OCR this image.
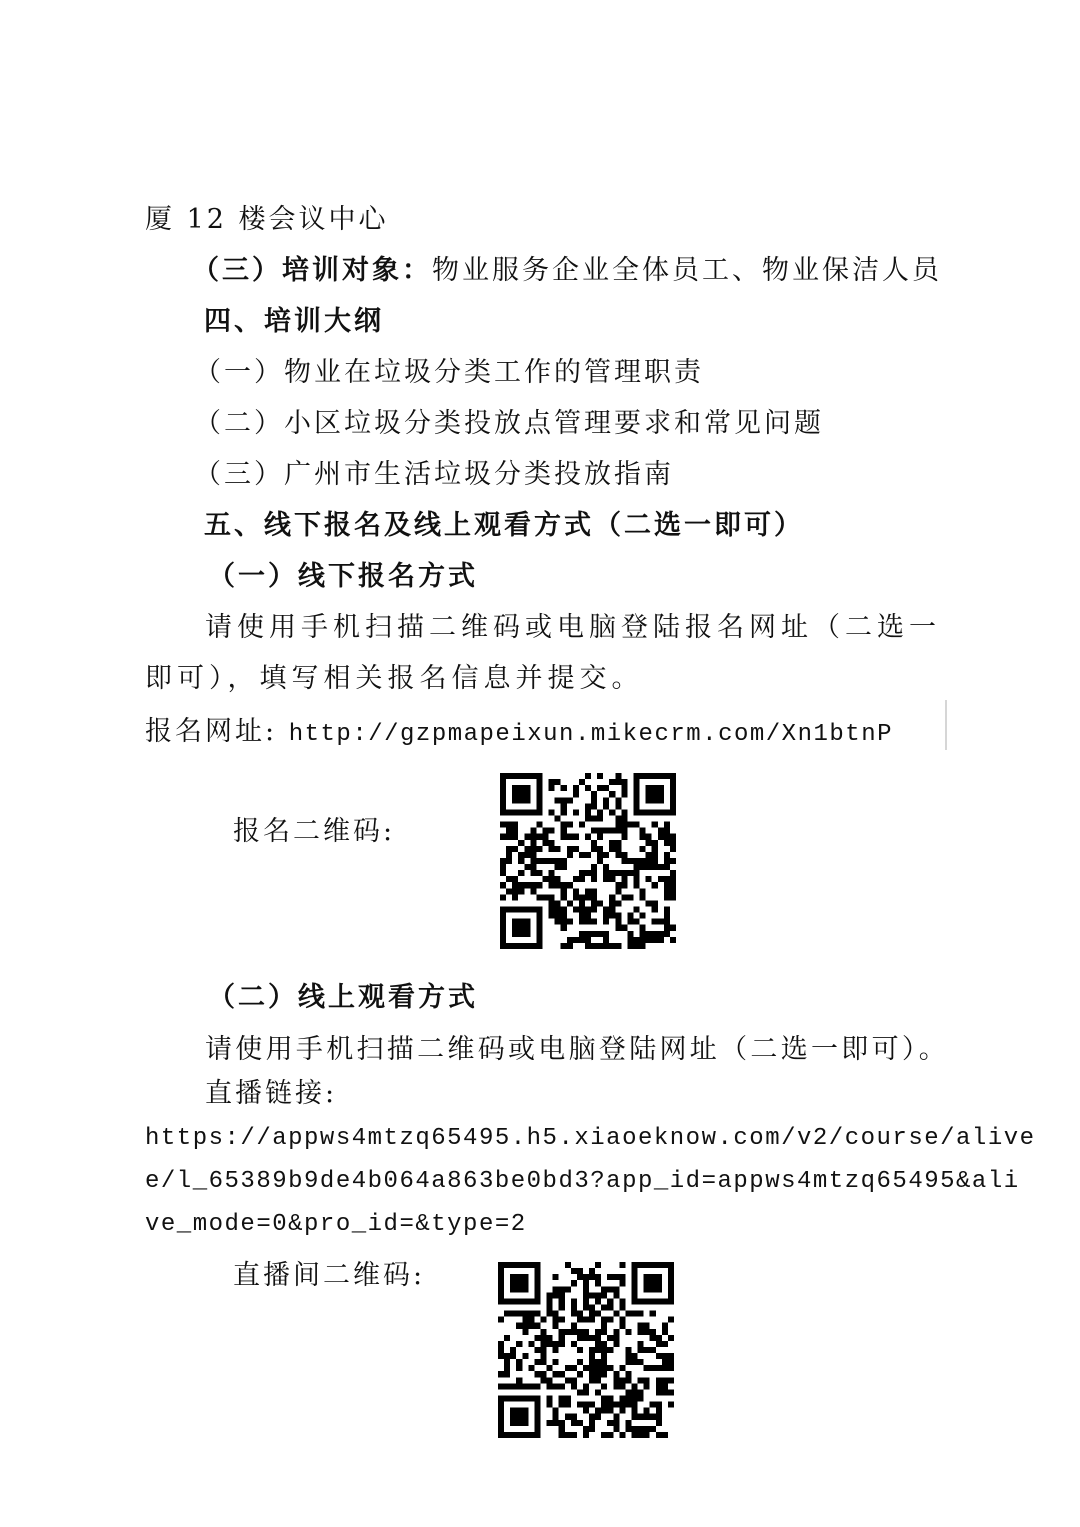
厦 12 楼会议中心
（三）培训对象：物业服务企业全体员工、物业保洁人员
四、培训大纲
（一）物业在垃圾分类工作的管理职责
（二）小区垃圾分类投放点管理要求和常见问题
（三）广州市生活垃圾分类投放指南
五、线下报名及线上观看方式（二选一即可）
（一）线下报名方式
请使用手机扫描二维码或电脑登陆报名网址（二选一
即可），填写相关报名信息并提交。
报名网址: http://gzpmapeixun.mikecrm.com/Xn1btnP
报名二维码:
（二）线上观看方式
请使用手机扫描二维码或电脑登陆网址（二选一即可）。
直播链接:
https://appws4mtzq65495.h5.xiaoeknow.com/v2/course/alive
e/l_65389b9de4b064a863be0bd3?app_id=appws4mtzq65495&ali
ve_mode=0&pro_id=&type=2
直播间二维码:
